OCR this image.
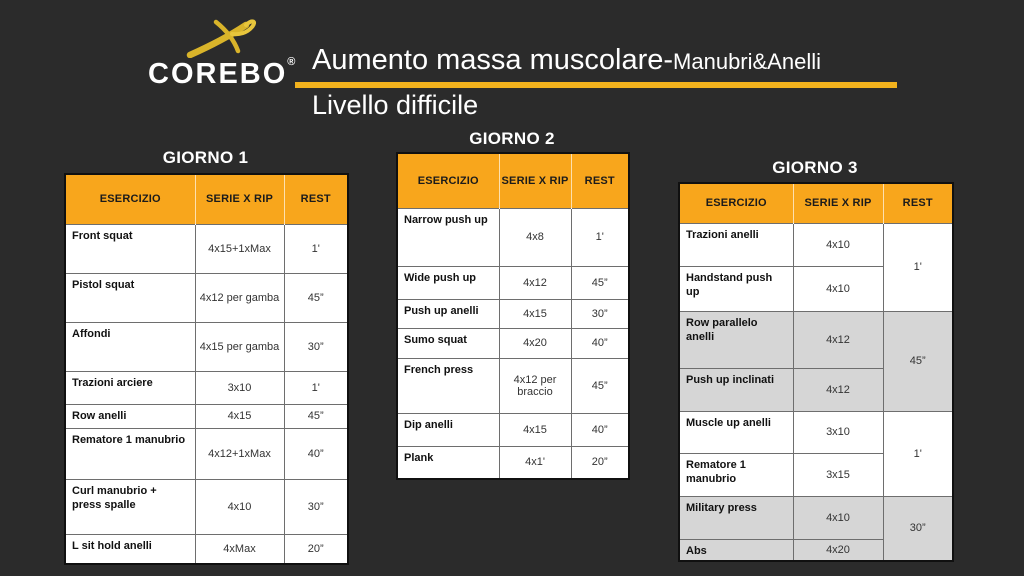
COREBO® Aumento massa muscolare-Manubri&Anelli
Livello difficile
GIORNO 1
ESERCIZIO	SERIE X RIP	REST
Front squat	4x15+1xMax	1'
Pistol squat	4x12 per gamba	45”
Affondi	4x15 per gamba	30”
Trazioni arciere	3x10	1'
Row anelli	4x15	45”
Rematore 1 manubrio	4x12+1xMax	40”
Curl manubrio + press spalle	4x10	30”
L sit hold anelli	4xMax	20”
GIORNO 2
ESERCIZIO	SERIE X RIP	REST
Narrow push up	4x8	1'
Wide push up	4x12	45”
Push up anelli	4x15	30”
Sumo squat	4x20	40”
French press	4x12 per braccio	45”
Dip anelli	4x15	40”
Plank	4x1'	20”
GIORNO 3
ESERCIZIO	SERIE X RIP	REST
Trazioni anelli	4x10	1'
Handstand push up	4x10	
Row parallelo anelli	4x12	45”
Push up inclinati	4x12	
Muscle up anelli	3x10	1'
Rematore 1 manubrio	3x15	
Military press	4x10	30”
Abs	4x20	
